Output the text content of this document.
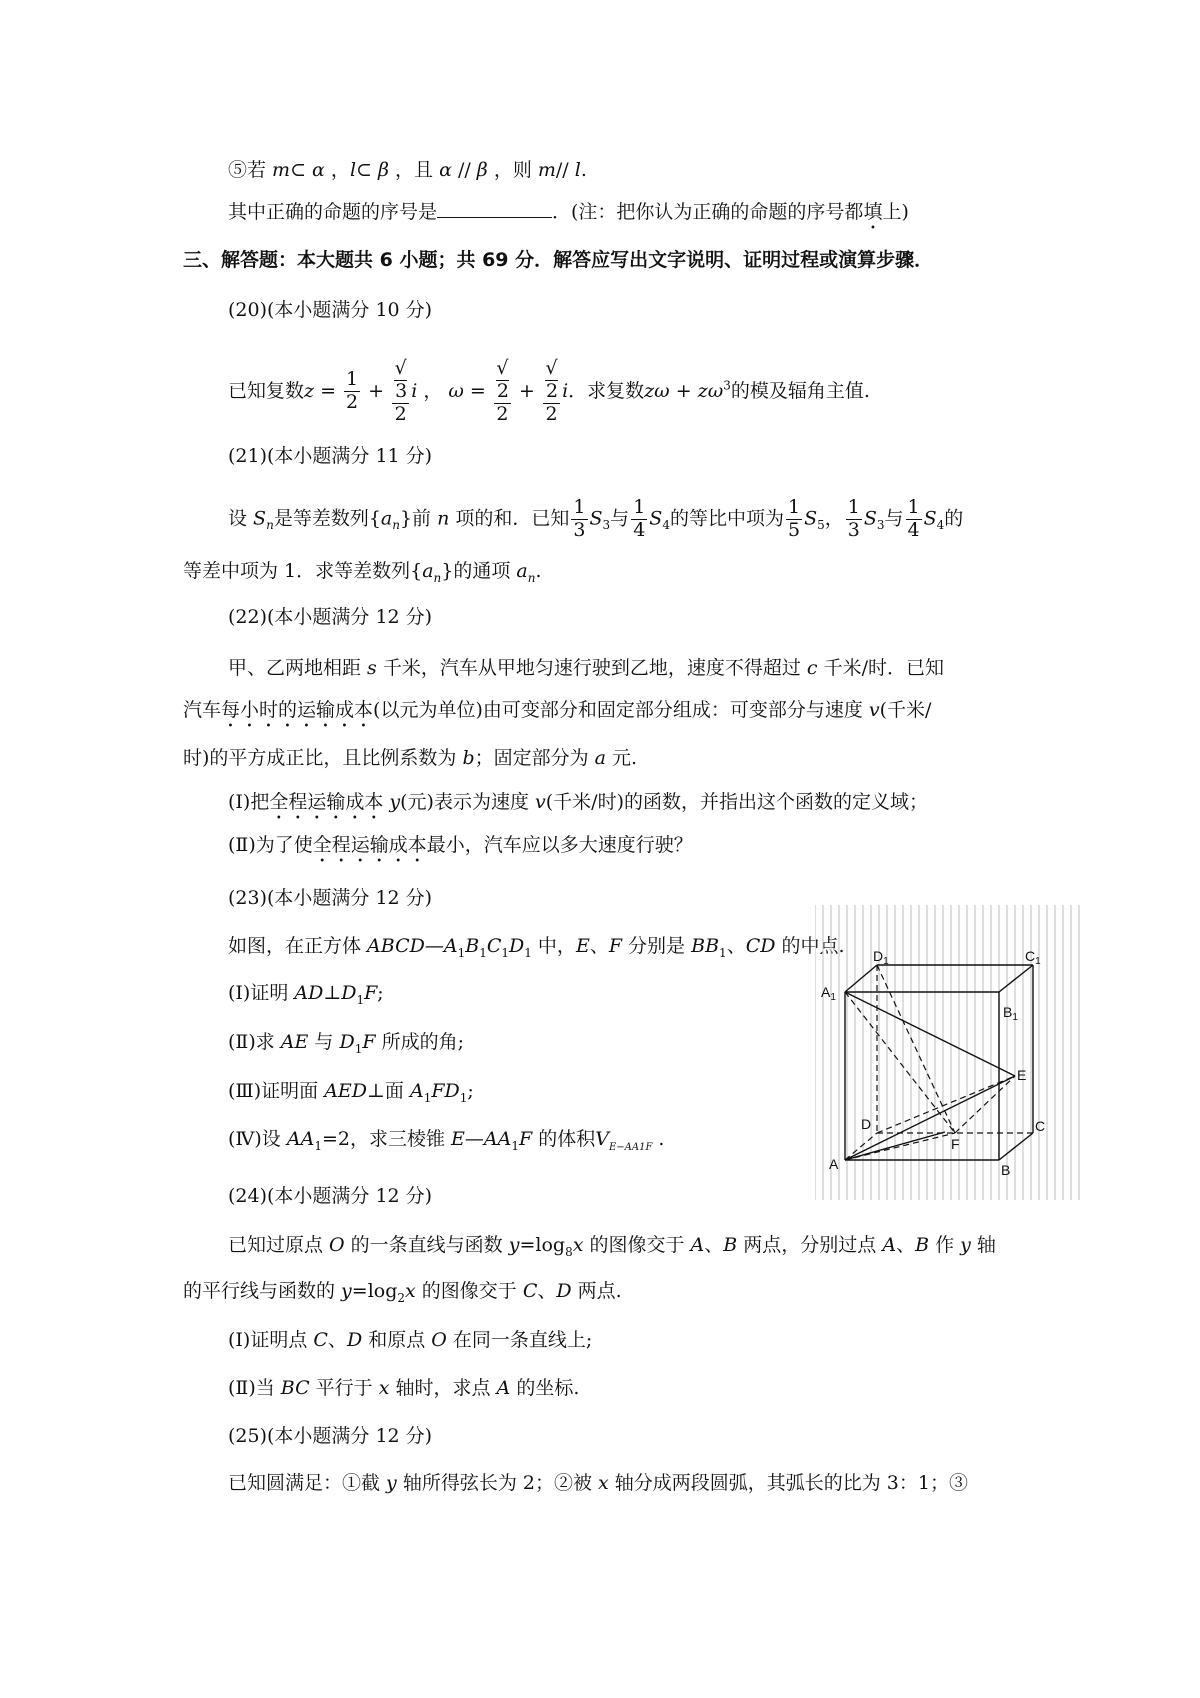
⑤若 m⊂ α ，l⊂ β ，且 α // β ，则 m// l.
其中正确的命题的序号是	．(注：把你认为正确的命题的序号都填上)
三、解答题：本大题共 6 小题；共 69 分．解答应写出文字说明、证明过程或演算步骤．
(20)(本小题满分 10 分)
已知复数$z = \frac{1}{2}$ + √
3
2 i ， ω = √
2
2 + √
2
2 i．求复数$z\omega + z\omega^3$的模及辐角主值.
(21)(本小题满分 11 分)
设 $S_n$是等差数列$\{a_n\}$前 n 项的和．已知 $\frac{1}{3} S_3$与 $\frac{1}{4} S_4$的等比中项为 $\frac{1}{5} S_5$， $\frac{1}{3} S_3$与 $\frac{1}{4} S_4$的
等差中项为 1．求等差数列$\{a_n\}$的通项 $a_n$.
(22)(本小题满分 12 分)
甲、乙两地相距 s 千米，汽车从甲地匀速行驶到乙地，速度不得超过 c 千米/时．已知
汽车每小时的运输成本(以元为单位)由可变部分和固定部分组成：可变部分与速度 v(千米/
时)的平方成正比，且比例系数为 b；固定部分为 a 元.
(Ⅰ)把全程运输成本 y(元)表示为速度 v(千米/时)的函数，并指出这个函数的定义域；
(Ⅱ)为了使全程运输成本最小，汽车应以多大速度行驶？
(23)(本小题满分 12 分)
如图，在正方体 $ABCD—A_1B_1C_1D_1$ 中，E、F 分别是 $BB_1$、CD 的中点.
(Ⅰ)证明 $AD\perp D_1F$;
(Ⅱ)求 AE 与 $D_1F$ 所成的角;
(Ⅲ)证明面 AED⊥面 $A_1FD_1$;
(Ⅳ)设 $AA_1=2$，求三棱锥 $E—AA_1F$ 的体积$V_{E-AA1F}$ .
$D_1$	$C_1$
$A_1$
$B_1$
E
D	C
F
A	B
(24)(本小题满分 12 分)
已知过原点 O 的一条直线与函数 $y=\log_8x$ 的图像交于 A、B 两点，分别过点 A、B 作 y 轴
的平行线与函数的 $y=\log_2x$ 的图像交于 C、D 两点.
(Ⅰ)证明点 C、D 和原点 O 在同一条直线上;
(Ⅱ)当 BC 平行于 x 轴时，求点 A 的坐标.
(25)(本小题满分 12 分)
已知圆满足：①截 y 轴所得弦长为 2；②被 x 轴分成两段圆弧，其弧长的比为 3：1；③
